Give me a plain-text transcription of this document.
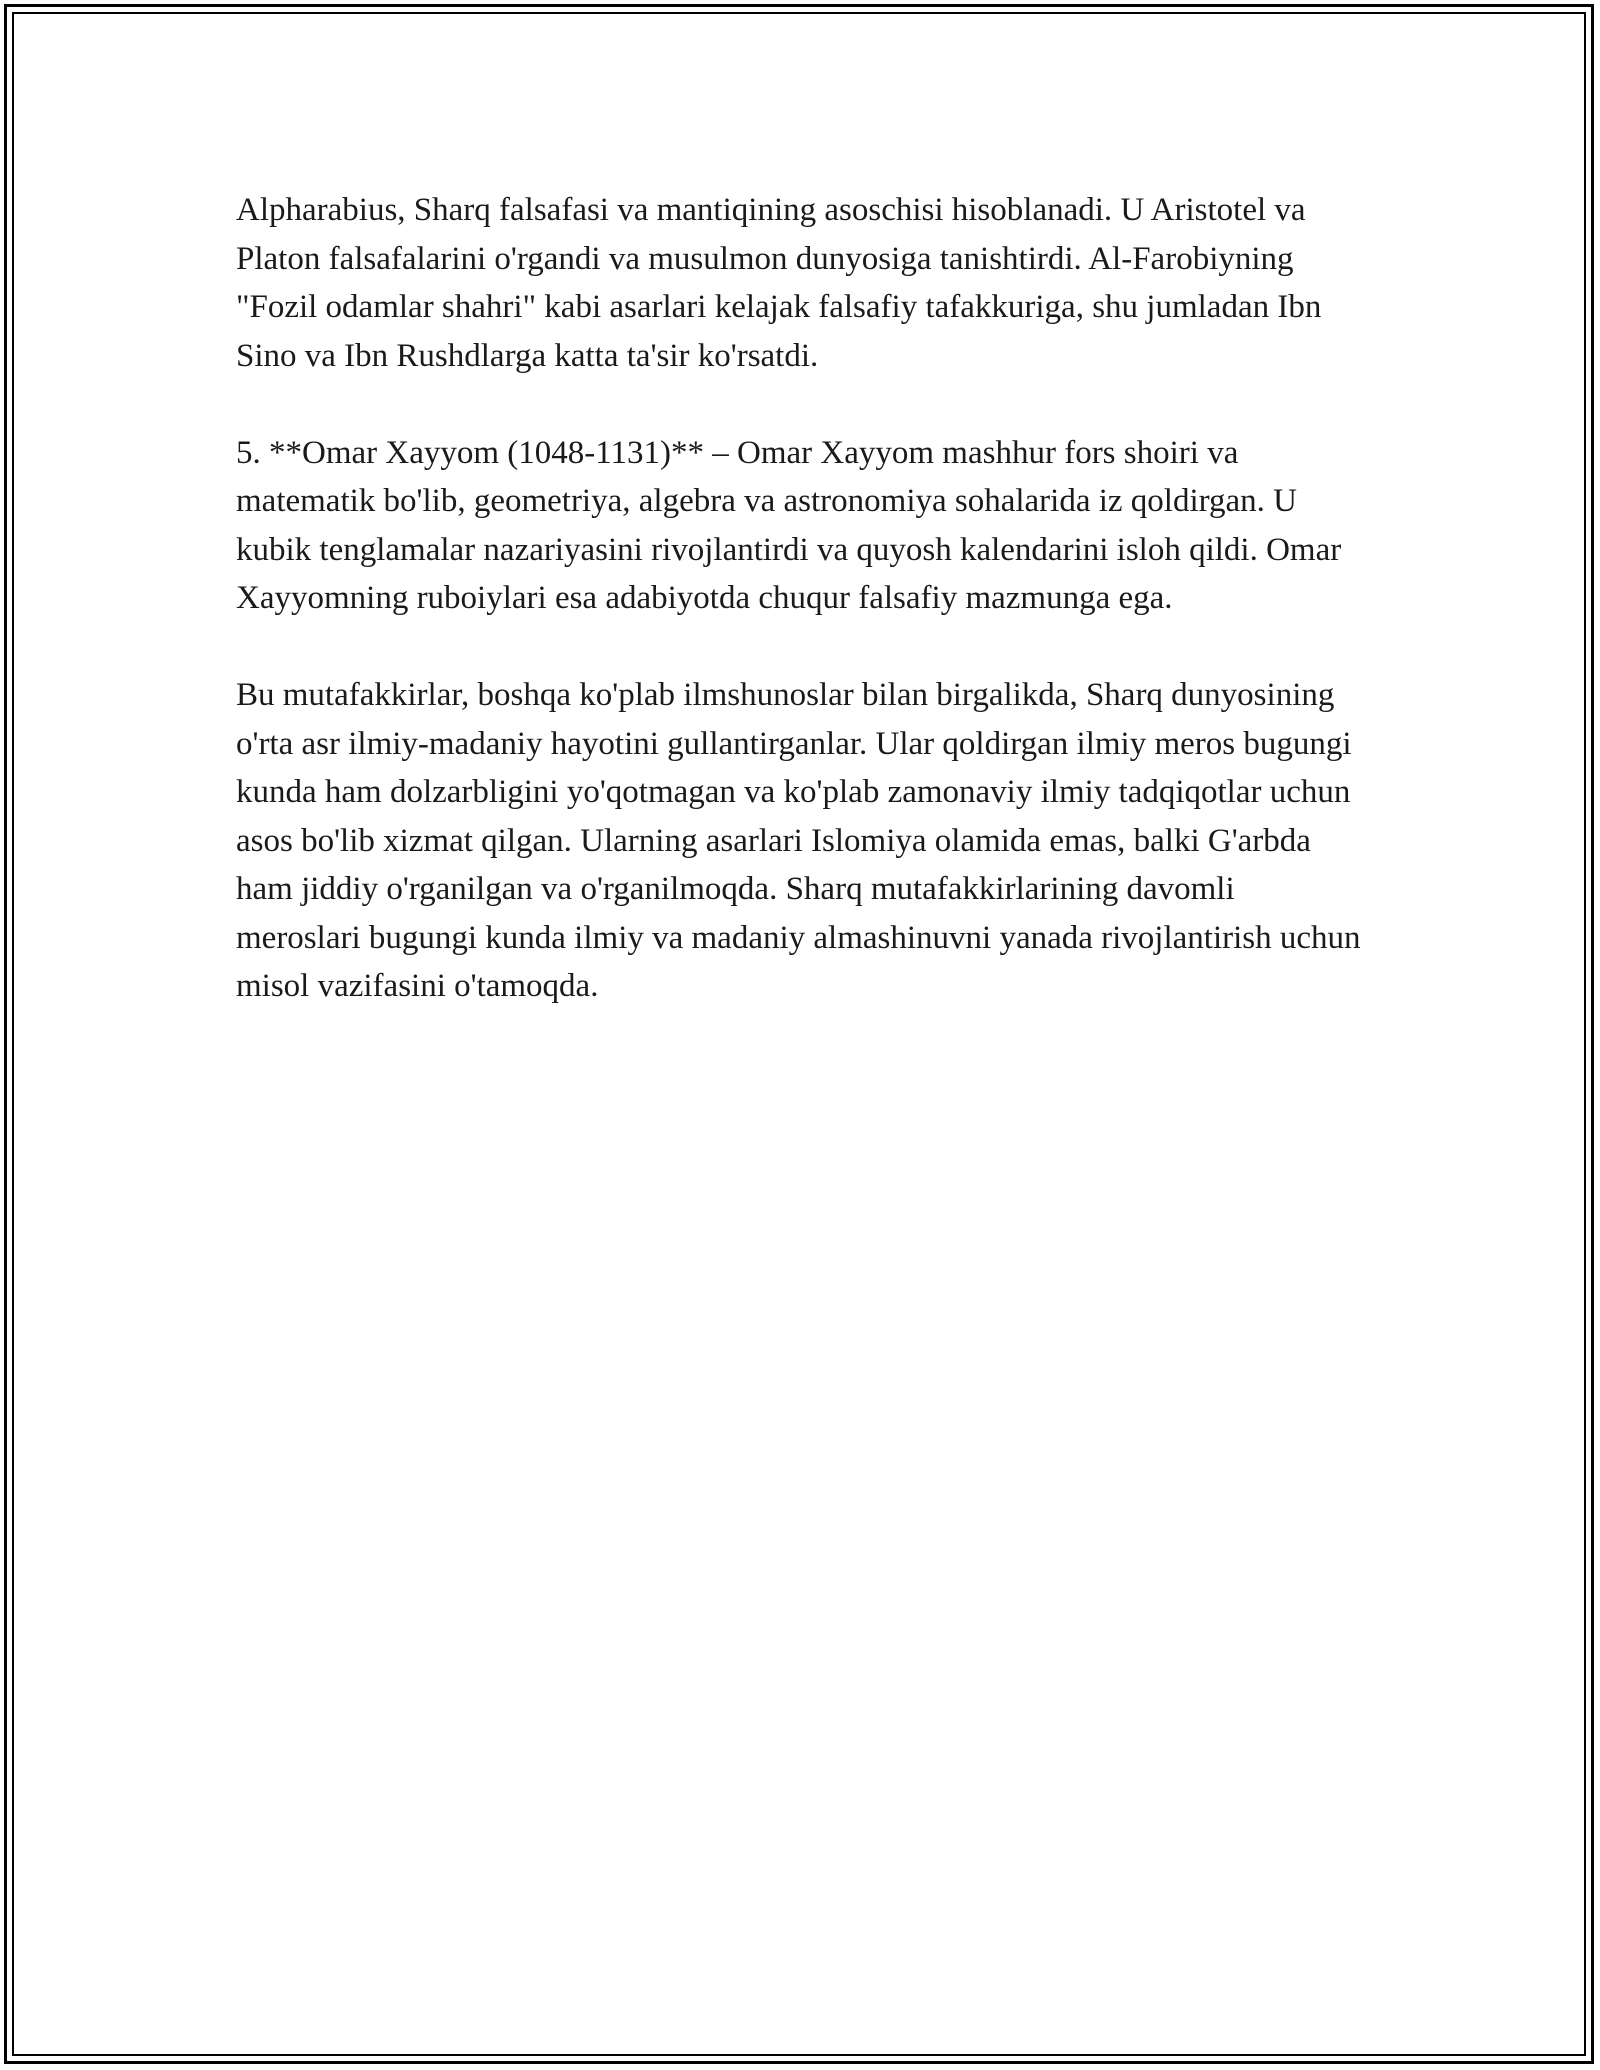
Alpharabius, Sharq falsafasi va mantiqining asoschisi hisoblanadi. U Aristotel va Platon falsafalarini o'rgandi va musulmon dunyosiga tanishtirdi. Al-Farobiyning "Fozil odamlar shahri" kabi asarlari kelajak falsafiy tafakkuriga, shu jumladan Ibn Sino va Ibn Rushdlarga katta ta'sir ko'rsatdi.

5. **Omar Xayyom (1048-1131)** – Omar Xayyom mashhur fors shoiri va matematik bo'lib, geometriya, algebra va astronomiya sohalarida iz qoldirgan. U kubik tenglamalar nazariyasini rivojlantirdi va quyosh kalendarini isloh qildi. Omar Xayyomning ruboiylari esa adabiyotda chuqur falsafiy mazmunga ega.

Bu mutafakkirlar, boshqa ko'plab ilmshunoslar bilan birgalikda, Sharq dunyosining o'rta asr ilmiy-madaniy hayotini gullantirganlar. Ular qoldirgan ilmiy meros bugungi kunda ham dolzarbligini yo'qotmagan va ko'plab zamonaviy ilmiy tadqiqotlar uchun asos bo'lib xizmat qilgan. Ularning asarlari Islomiya olamida emas, balki G'arbda ham jiddiy o'rganilgan va o'rganilmoqda. Sharq mutafakkirlarining davomli meroslari bugungi kunda ilmiy va madaniy almashinuvni yanada rivojlantirish uchun misol vazifasini o'tamoqda.
